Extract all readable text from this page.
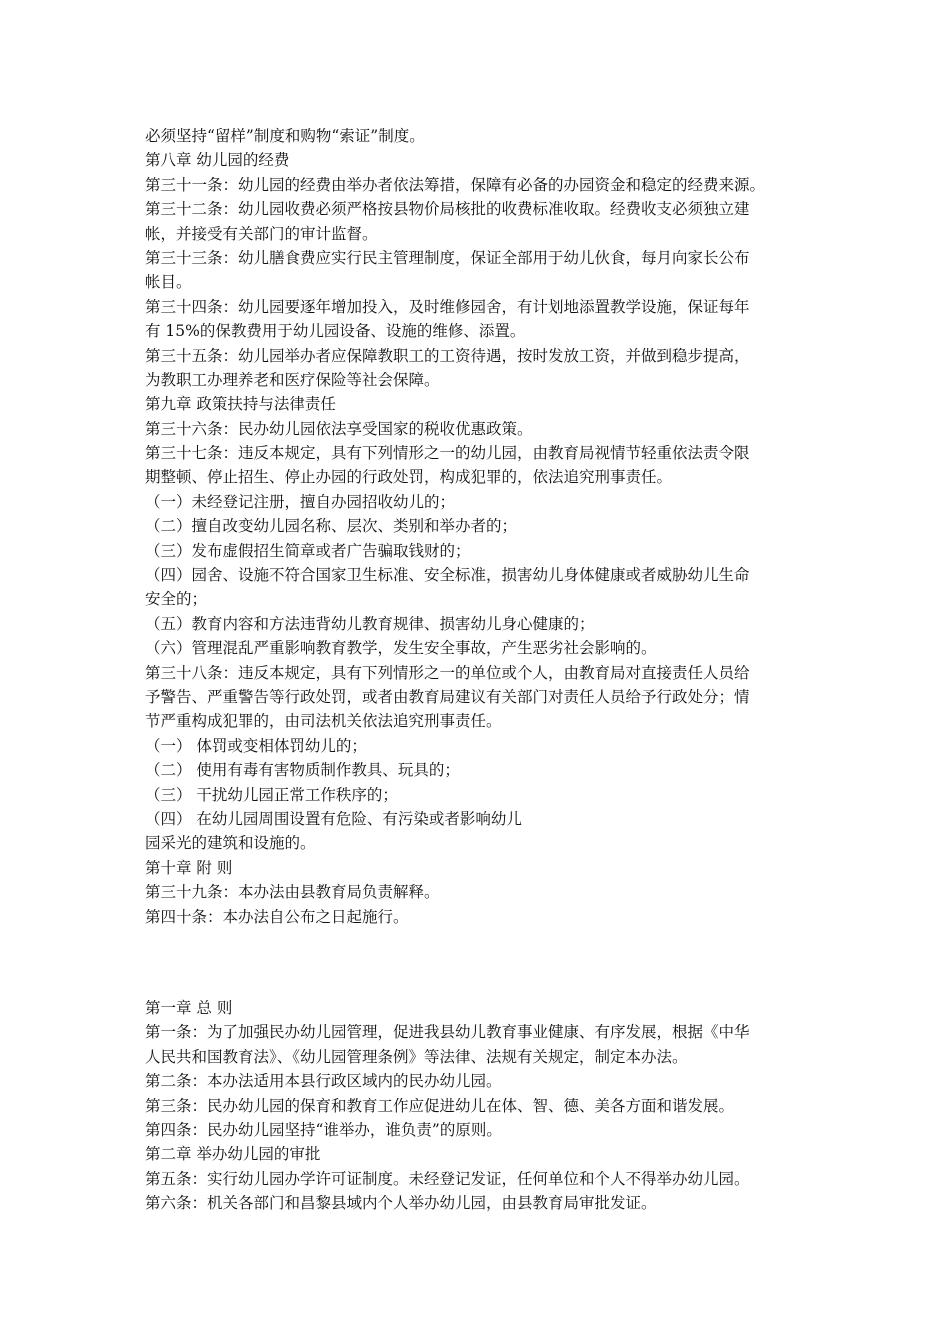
必须坚持“留样”制度和购物“索证”制度。
第八章 幼儿园的经费
第三十一条：幼儿园的经费由举办者依法筹措，保障有必备的办园资金和稳定的经费来源。
第三十二条：幼儿园收费必须严格按县物价局核批的收费标准收取。经费收支必须独立建
帐，并接受有关部门的审计监督。
第三十三条：幼儿膳食费应实行民主管理制度，保证全部用于幼儿伙食，每月向家长公布
帐目。
第三十四条：幼儿园要逐年增加投入，及时维修园舍，有计划地添置教学设施，保证每年
有 15%的保教费用于幼儿园设备、设施的维修、添置。
第三十五条：幼儿园举办者应保障教职工的工资待遇，按时发放工资，并做到稳步提高，
为教职工办理养老和医疗保险等社会保障。
第九章 政策扶持与法律责任
第三十六条：民办幼儿园依法享受国家的税收优惠政策。
第三十七条：违反本规定，具有下列情形之一的幼儿园，由教育局视情节轻重依法责令限
期整顿、停止招生、停止办园的行政处罚，构成犯罪的，依法追究刑事责任。
（一）未经登记注册，擅自办园招收幼儿的；
（二）擅自改变幼儿园名称、层次、类别和举办者的；
（三）发布虚假招生简章或者广告骗取钱财的；
（四）园舍、设施不符合国家卫生标准、安全标准，损害幼儿身体健康或者威胁幼儿生命
安全的；
（五）教育内容和方法违背幼儿教育规律、损害幼儿身心健康的；
（六）管理混乱严重影响教育教学，发生安全事故，产生恶劣社会影响的。
第三十八条：违反本规定，具有下列情形之一的单位或个人，由教育局对直接责任人员给
予警告、严重警告等行政处罚，或者由教育局建议有关部门对责任人员给予行政处分；情
节严重构成犯罪的，由司法机关依法追究刑事责任。
（一） 体罚或变相体罚幼儿的；
（二） 使用有毒有害物质制作教具、玩具的；
（三） 干扰幼儿园正常工作秩序的；
（四） 在幼儿园周围设置有危险、有污染或者影响幼儿
园采光的建筑和设施的。
第十章 附 则
第三十九条：本办法由县教育局负责解释。
第四十条：本办法自公布之日起施行。
第一章 总 则
第一条：为了加强民办幼儿园管理，促进我县幼儿教育事业健康、有序发展，根据《中华
人民共和国教育法》、《幼儿园管理条例》等法律、法规有关规定，制定本办法。
第二条：本办法适用本县行政区域内的民办幼儿园。
第三条：民办幼儿园的保育和教育工作应促进幼儿在体、智、德、美各方面和谐发展。
第四条：民办幼儿园坚持“谁举办，谁负责”的原则。
第二章 举办幼儿园的审批
第五条：实行幼儿园办学许可证制度。未经登记发证，任何单位和个人不得举办幼儿园。
第六条：机关各部门和昌黎县域内个人举办幼儿园，由县教育局审批发证。
